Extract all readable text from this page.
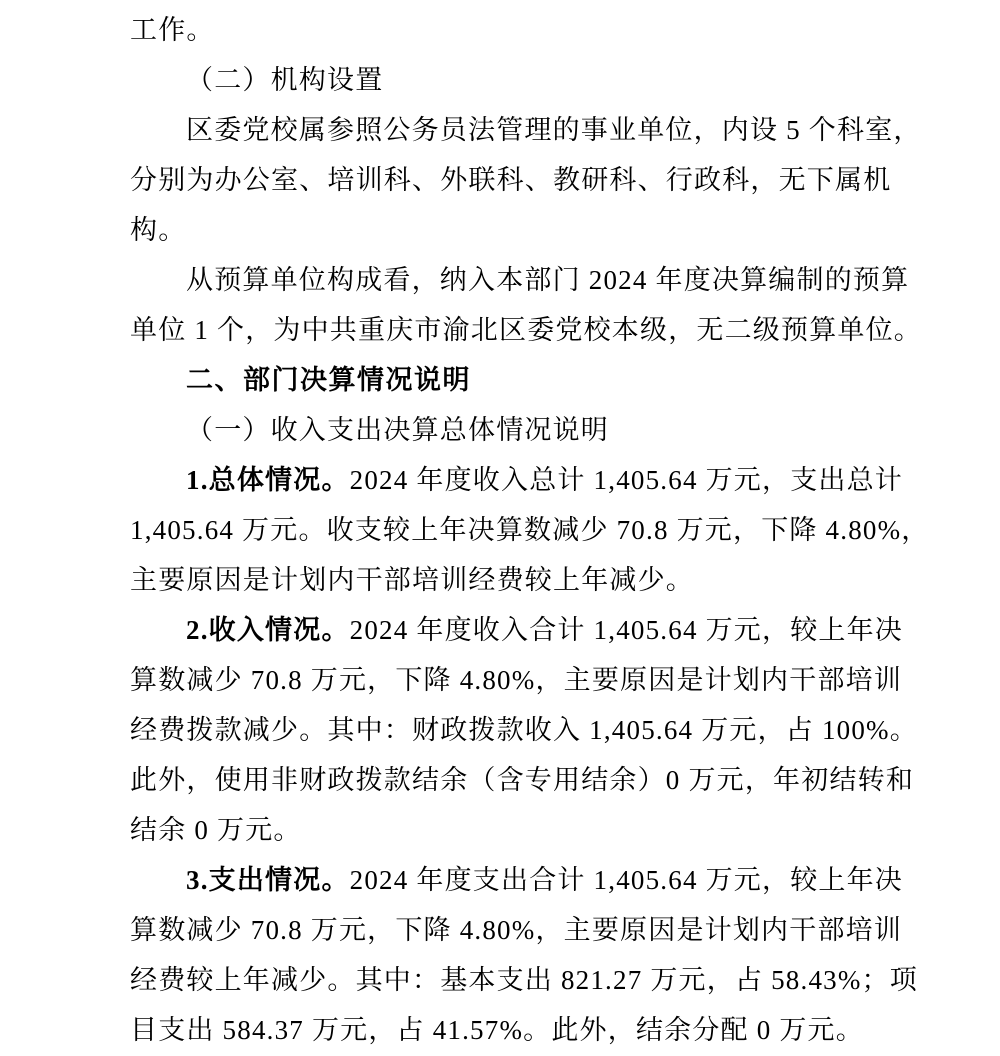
工作。
（二）机构设置
区委党校属参照公务员法管理的事业单位，内设 5 个科室，
分别为办公室、培训科、外联科、教研科、行政科，无下属机
构。
从预算单位构成看，纳入本部门 2024 年度决算编制的预算
单位 1 个，为中共重庆市渝北区委党校本级，无二级预算单位。
二、部门决算情况说明
（一）收入支出决算总体情况说明
1.总体情况。2024 年度收入总计 1,405.64 万元，支出总计
1,405.64 万元。收支较上年决算数减少 70.8 万元，下降 4.80%，
主要原因是计划内干部培训经费较上年减少。
2.收入情况。2024 年度收入合计 1,405.64 万元，较上年决
算数减少 70.8 万元，下降 4.80%，主要原因是计划内干部培训
经费拨款减少。其中：财政拨款收入 1,405.64 万元，占 100%。
此外，使用非财政拨款结余（含专用结余）0 万元，年初结转和
结余 0 万元。
3.支出情况。2024 年度支出合计 1,405.64 万元，较上年决
算数减少 70.8 万元，下降 4.80%，主要原因是计划内干部培训
经费较上年减少。其中：基本支出 821.27 万元，占 58.43%；项
目支出 584.37 万元，占 41.57%。此外，结余分配 0 万元。
